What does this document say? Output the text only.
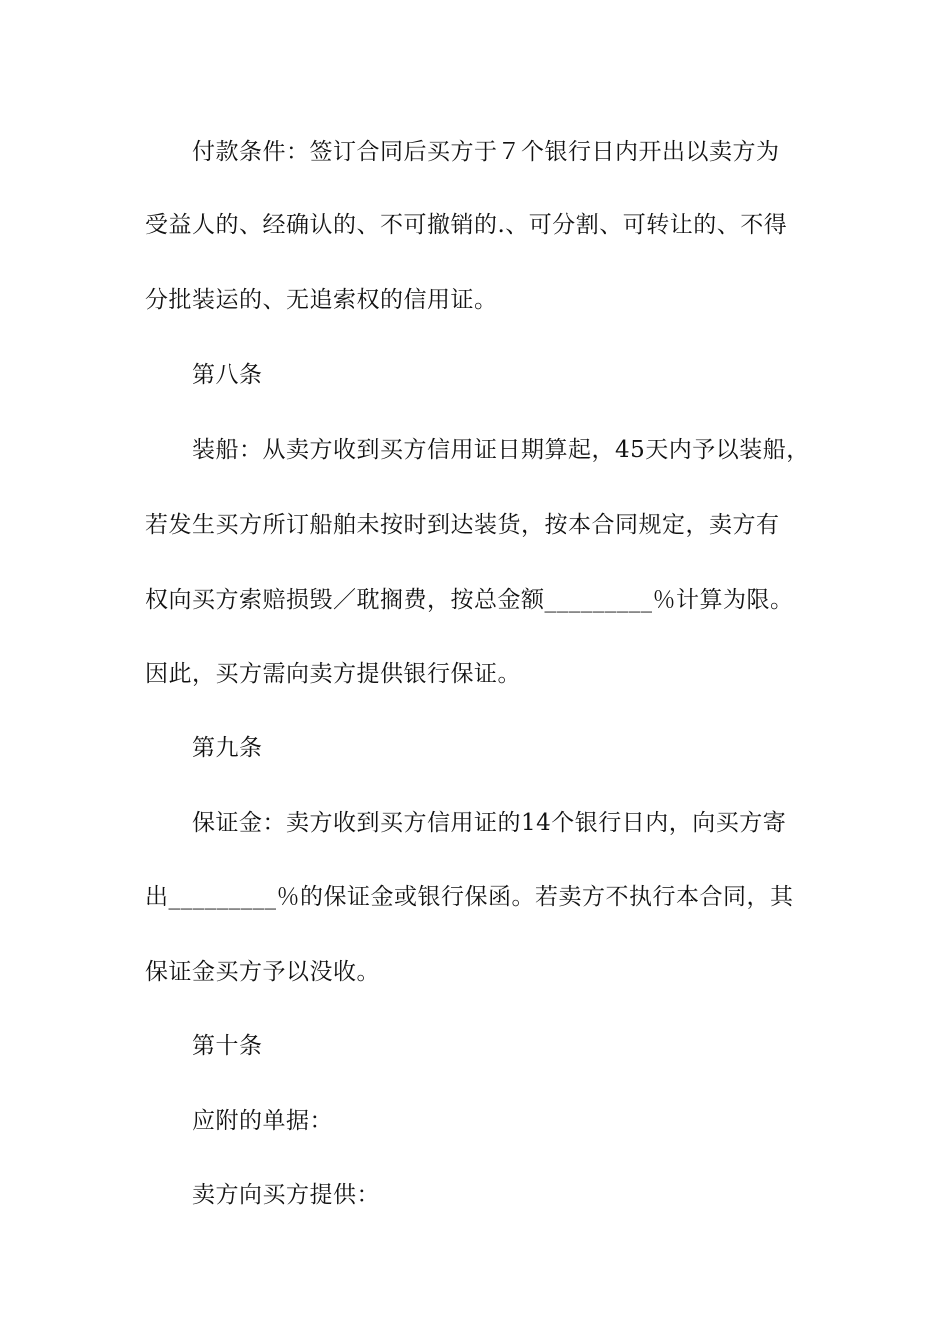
付款条件：签订合同后买方于７个银行日内开出以卖方为
受益人的、经确认的、不可撤销的.、可分割、可转让的、不得
分批装运的、无追索权的信用证。
第八条
装船：从卖方收到买方信用证日期算起，45天内予以装船，
若发生买方所订船舶未按时到达装货，按本合同规定，卖方有
权向买方索赔损毁／耽搁费，按总金额_________％计算为限。
因此，买方需向卖方提供银行保证。
第九条
保证金：卖方收到买方信用证的14个银行日内，向买方寄
出_________％的保证金或银行保函。若卖方不执行本合同，其
保证金买方予以没收。
第十条
应附的单据：
卖方向买方提供：
